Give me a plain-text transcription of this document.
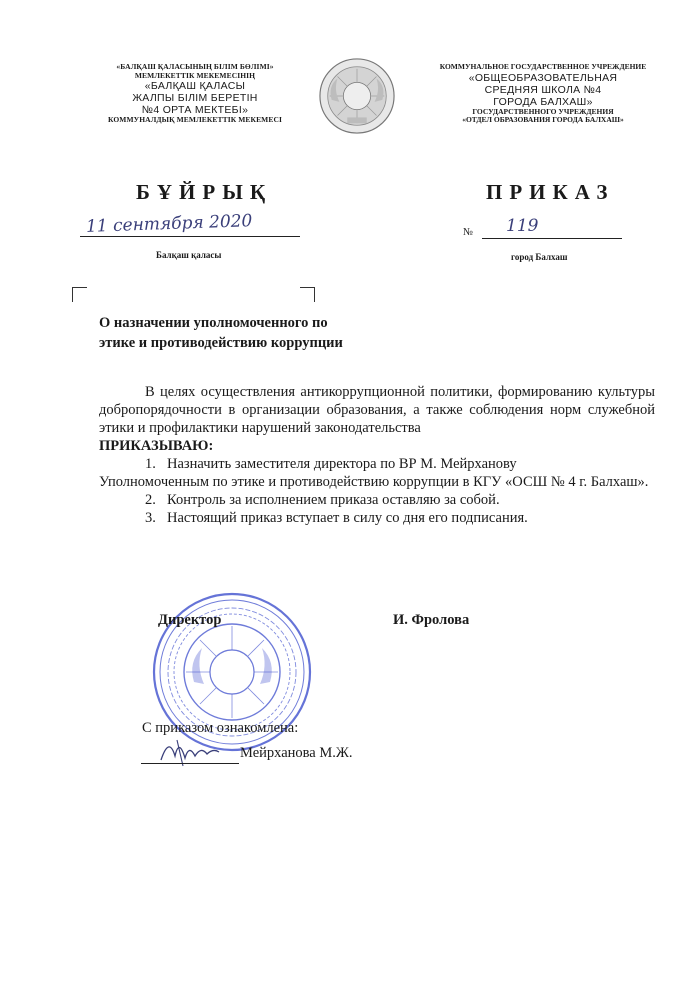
«БАЛҚАШ ҚАЛАСЫНЫҢ БІЛІМ БӨЛІМІ»
МЕМЛЕКЕТТІК МЕКЕМЕСІНІҢ
«БАЛҚАШ ҚАЛАСЫ
ЖАЛПЫ БІЛІМ БЕРЕТІН
№4 ОРТА МЕКТЕБІ»
КОММУНАЛДЫҚ МЕМЛЕКЕТТІК МЕКЕМЕСІ
КОММУНАЛЬНОЕ ГОСУДАРСТВЕННОЕ УЧРЕЖДЕНИЕ
«ОБЩЕОБРАЗОВАТЕЛЬНАЯ
СРЕДНЯЯ ШКОЛА №4
ГОРОДА БАЛХАШ»
ГОСУДАРСТВЕННОГО УЧРЕЖДЕНИЯ
«ОТДЕЛ ОБРАЗОВАНИЯ ГОРОДА БАЛХАШ»
БҰЙРЫҚ	ПРИКАЗ
11 сентября 2020
Балқаш қаласы
№ 119
город Балхаш
О назначении уполномоченного по
этике и противодействию коррупции

В целях осуществления антикоррупционной политики, формированию культуры добропорядочности в организации образования, а также соблюдения норм служебной этики и профилактики нарушений законодательства

ПРИКАЗЫВАЮ:

1. Назначить заместителя директора по ВР М. Мейрханову

Уполномоченным по этике и противодействию коррупции в КГУ «ОСШ № 4 г. Балхаш».

2. Контроль за исполнением приказа оставляю за собой.

3. Настоящий приказ вступает в силу со дня его подписания.

Директор	И. Фролова
С приказом ознакомлена:
Мейрханова М.Ж.
